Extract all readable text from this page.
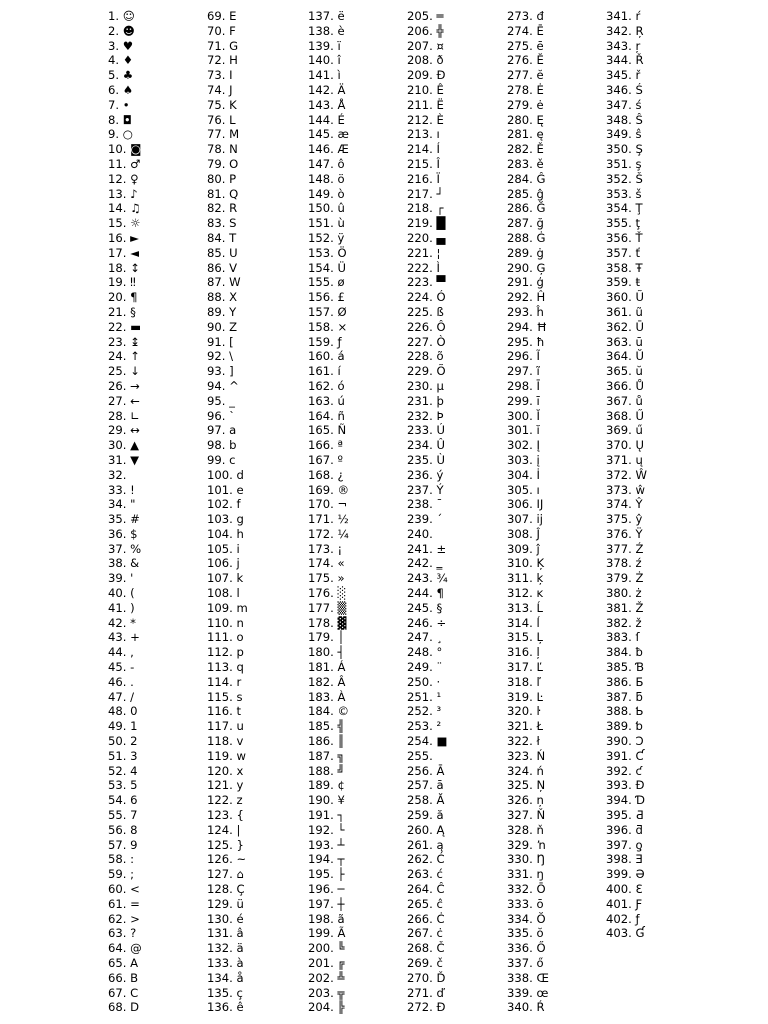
1. ☺
2. ☻
3. ♥
4. ♦
5. ♣
6. ♠
7. •
8. ◘
9. ○
10. ◙
11. ♂
12. ♀
13. ♪
14. ♫
15. ☼
16. ►
17. ◄
18. ↕
19. ‼
20. ¶
21. §
22. ▬
23. ↨
24. ↑
25. ↓
26. →
27. ←
28. ∟
29. ↔
30. ▲
31. ▼
32.
33. !
34. "
35. #
36. $
37. %
38. &
39. '
40. (
41. )
42. *
43. +
44. ,
45. -
46. .
47. /
48. 0
49. 1
50. 2
51. 3
52. 4
53. 5
54. 6
55. 7
56. 8
57. 9
58. :
59. ;
60. <
61. =
62. >
63. ?
64. @
65. A
66. B
67. C
68. D
69. E
70. F
71. G
72. H
73. I
74. J
75. K
76. L
77. M
78. N
79. O
80. P
81. Q
82. R
83. S
84. T
85. U
86. V
87. W
88. X
89. Y
90. Z
91. [
92. \
93. ]
94. ^
95. _
96. `
97. a
98. b
99. c
100. d
101. e
102. f
103. g
104. h
105. i
106. j
107. k
108. l
109. m
110. n
111. o
112. p
113. q
114. r
115. s
116. t
117. u
118. v
119. w
120. x
121. y
122. z
123. {
124. |
125. }
126. ~
127. ⌂
128. Ç
129. ü
130. é
131. â
132. ä
133. à
134. å
135. ç
136. ê
137. ë
138. è
139. ï
140. î
141. ì
142. Ä
143. Å
144. É
145. æ
146. Æ
147. ô
148. ö
149. ò
150. û
151. ù
152. ÿ
153. Ö
154. Ü
155. ø
156. £
157. Ø
158. ×
159. ƒ
160. á
161. í
162. ó
163. ú
164. ñ
165. Ñ
166. ª
167. º
168. ¿
169. ®
170. ¬
171. ½
172. ¼
173. ¡
174. «
175. »
176. ░
177. ▒
178. ▓
179. │
180. ┤
181. Á
182. Â
183. À
184. ©
185. ╣
186. ║
187. ╗
188. ╝
189. ¢
190. ¥
191. ┐
192. └
193. ┴
194. ┬
195. ├
196. ─
197. ┼
198. ã
199. Ã
200. ╚
201. ╔
202. ╩
203. ╦
204. ╠
205. ═
206. ╬
207. ¤
208. ð
209. Ð
210. Ê
211. Ë
212. È
213. ı
214. Í
215. Î
216. Ï
217. ┘
218. ┌
219. █
220. ▄
221. ¦
222. Ì
223. ▀
224. Ó
225. ß
226. Ô
227. Ò
228. õ
229. Õ
230. µ
231. þ
232. Þ
233. Ú
234. Û
235. Ù
236. ý
237. Ý
238. ¯
239. ´
240.
241. ±
242. ‗
243. ¾
244. ¶
245. §
246. ÷
247. ¸
248. °
249. ¨
250. ·
251. ¹
252. ³
253. ²
254. ■
255.
256. Ā
257. ā
258. Ă
259. ă
260. Ą
261. ą
262. Ć
263. ć
264. Ĉ
265. ĉ
266. Ċ
267. ċ
268. Č
269. č
270. Ď
271. ď
272. Đ
273. đ
274. Ē
275. ē
276. Ĕ
277. ĕ
278. Ė
279. ė
280. Ę
281. ę
282. Ě
283. ě
284. Ĝ
285. ĝ
286. Ğ
287. ğ
288. Ġ
289. ġ
290. Ģ
291. ģ
292. Ĥ
293. ĥ
294. Ħ
295. ħ
296. Ĩ
297. ĩ
298. Ī
299. ī
300. Ĭ
301. ĭ
302. Į
303. į
304. İ
305. ı
306. Ĳ
307. ĳ
308. Ĵ
309. ĵ
310. Ķ
311. ķ
312. ĸ
313. Ĺ
314. ĺ
315. Ļ
316. ļ
317. Ľ
318. ľ
319. Ŀ
320. ŀ
321. Ł
322. ł
323. Ń
324. ń
325. Ņ
326. ņ
327. Ň
328. ň
329. ŉ
330. Ŋ
331. ŋ
332. Ō
333. ō
334. Ŏ
335. ŏ
336. Ő
337. ő
338. Œ
339. œ
340. Ŕ
341. ŕ
342. Ŗ
343. ŗ
344. Ř
345. ř
346. Ś
347. ś
348. Ŝ
349. ŝ
350. Ş
351. ş
352. Š
353. š
354. Ţ
355. ţ
356. Ť
357. ť
358. Ŧ
359. ŧ
360. Ũ
361. ũ
362. Ū
363. ū
364. Ŭ
365. ŭ
366. Ů
367. ů
368. Ű
369. ű
370. Ų
371. ų
372. Ŵ
373. ŵ
374. Ŷ
375. ŷ
376. Ÿ
377. Ź
378. ź
379. Ż
380. ż
381. Ž
382. ž
383. ſ
384. ƀ
385. Ɓ
386. Ƃ
387. ƃ
388. Ƅ
389. ƅ
390. Ɔ
391. Ƈ
392. ƈ
393. Ɖ
394. Ɗ
395. Ƌ
396. ƌ
397. ƍ
398. Ǝ
399. Ə
400. Ɛ
401. Ƒ
402. ƒ
403. Ɠ
